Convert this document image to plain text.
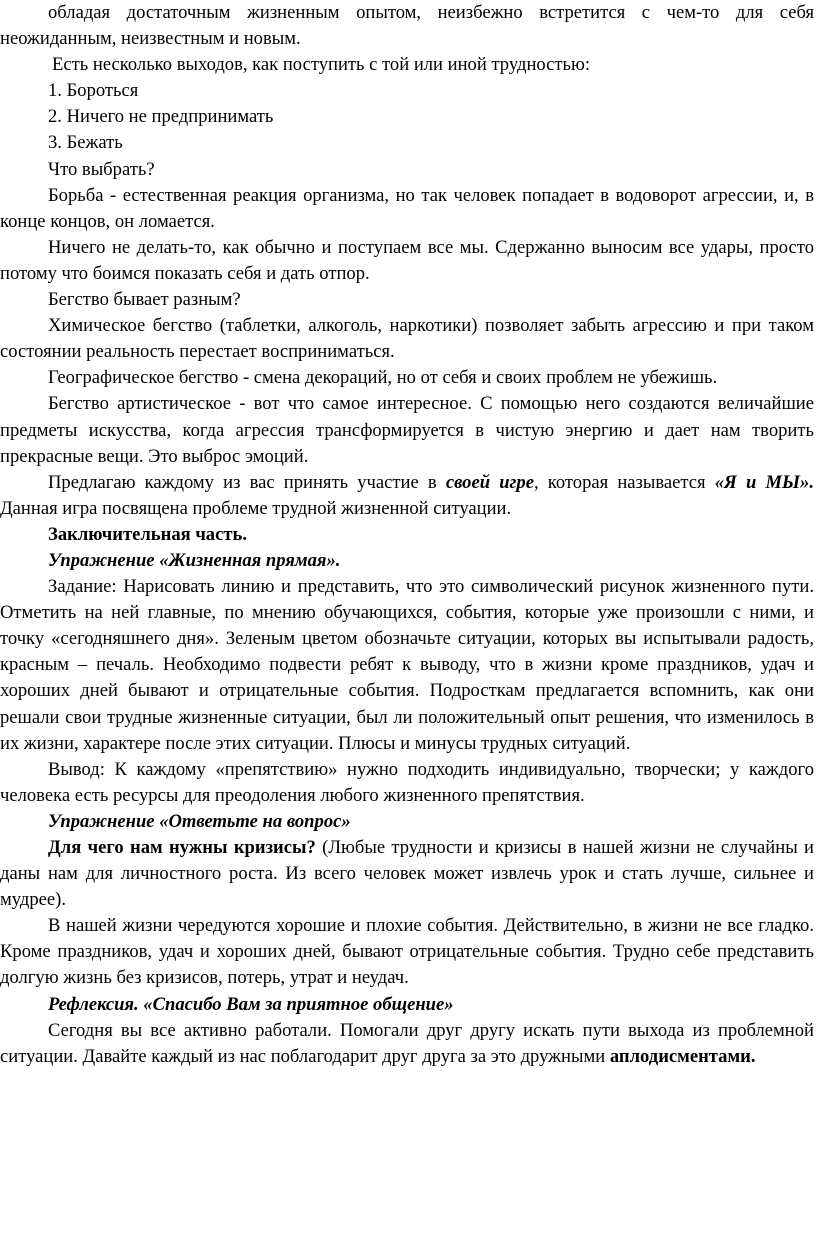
обладая достаточным жизненным опытом, неизбежно встретится с чем-то для себя неожиданным, неизвестным и новым.

Есть несколько выходов, как поступить с той или иной трудностью:

1. Бороться

2. Ничего не предпринимать

3. Бежать

Что выбрать?

Борьба - естественная реакция организма, но так человек попадает в водоворот агрессии, и, в конце концов, он ломается.

Ничего не делать-то, как обычно и поступаем все мы. Сдержанно выносим все удары, просто потому что боимся показать себя и дать отпор.

Бегство бывает разным?

Химическое бегство (таблетки, алкоголь, наркотики) позволяет забыть агрессию и при таком состоянии реальность перестает восприниматься.

Географическое бегство - смена декораций, но от себя и своих проблем не убежишь.

Бегство артистическое - вот что самое интересное. С помощью него создаются величайшие предметы искусства, когда агрессия трансформируется в чистую энергию и дает нам творить прекрасные вещи. Это выброс эмоций.

Предлагаю каждому из вас принять участие в своей игре, которая называется «Я и МЫ». Данная игра посвящена проблеме трудной жизненной ситуации.

Заключительная часть.

Упражнение «Жизненная прямая».

Задание: Нарисовать линию и представить, что это символический рисунок жизненного пути. Отметить на ней главные, по мнению обучающихся, события, которые уже произошли с ними, и точку «сегодняшнего дня». Зеленым цветом обозначьте ситуации, которых вы испытывали радость, красным – печаль. Необходимо подвести ребят к выводу, что в жизни кроме праздников, удач и хороших дней бывают и отрицательные события. Подросткам предлагается вспомнить, как они решали свои трудные жизненные ситуации, был ли положительный опыт решения, что изменилось в их жизни, характере после этих ситуации. Плюсы и минусы трудных ситуаций.

Вывод: К каждому «препятствию» нужно подходить индивидуально, творчески; у каждого человека есть ресурсы для преодоления любого жизненного препятствия.

Упражнение «Ответьте на вопрос»

Для чего нам нужны кризисы? (Любые трудности и кризисы в нашей жизни не случайны и даны нам для личностного роста. Из всего человек может извлечь урок и стать лучше, сильнее и мудрее).

В нашей жизни чередуются хорошие и плохие события. Действительно, в жизни не все гладко. Кроме праздников, удач и хороших дней, бывают отрицательные события. Трудно себе представить долгую жизнь без кризисов, потерь, утрат и неудач.

Рефлексия. «Спасибо Вам за приятное общение»

Сегодня вы все активно работали. Помогали друг другу искать пути выхода из проблемной ситуации. Давайте каждый из нас поблагодарит друг друга за это дружными аплодисментами.
